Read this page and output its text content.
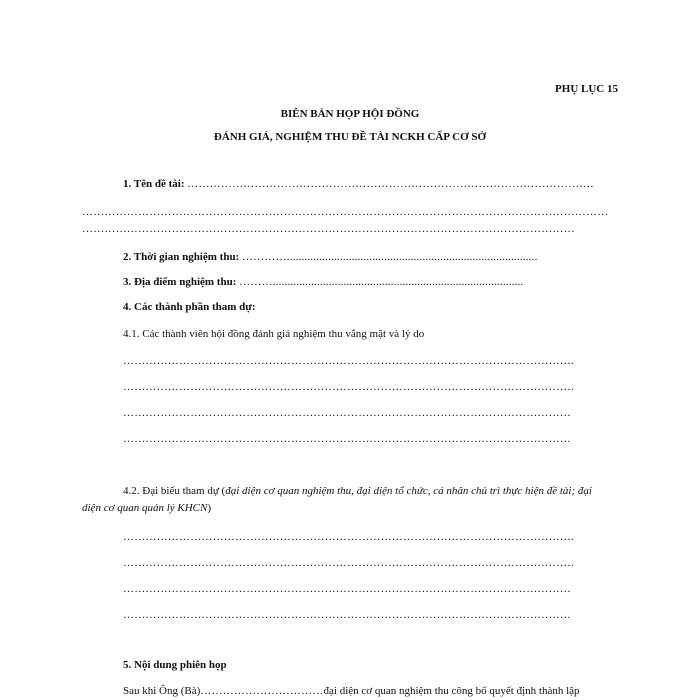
PHỤ LỤC 15
BIÊN BẢN HỌP HỘI ĐỒNG
ĐÁNH GIÁ, NGHIỆM THU ĐỀ TÀI NCKH CẤP CƠ SỞ
1. Tên đề tài: ……………………………………………………………………………………………….
……………………………………………………………………………………………………………………………
……………………………………………………………………………………………………………………
2. Thời gian nghiệm thu: ………….....................................................................................
3. Địa điểm nghiệm thu: ……….....................................................................................
4. Các thành phần tham dự:
4.1. Các thành viên hội đồng đánh giá nghiệm thu vắng mặt và lý do
………………………………………………………………………………………………………….
………………………………………………………………………………………………………….
…………………………………………………………………………………………………………
…………………………………………………………………………………………………………
4.2. Đại biểu tham dự (đại diện cơ quan nghiệm thu, đại diện tổ chức, cá nhân chủ trì thực hiện đề tài; đại
diện cơ quan quản lý KHCN)
………………………………………………………………………………………………………….
………………………………………………………………………………………………………….
…………………………………………………………………………………………………………
…………………………………………………………………………………………………………
5. Nội dung phiên họp
Sau khi Ông (Bà)……………………………đại diện cơ quan nghiệm thu công bố quyết định thành lập
